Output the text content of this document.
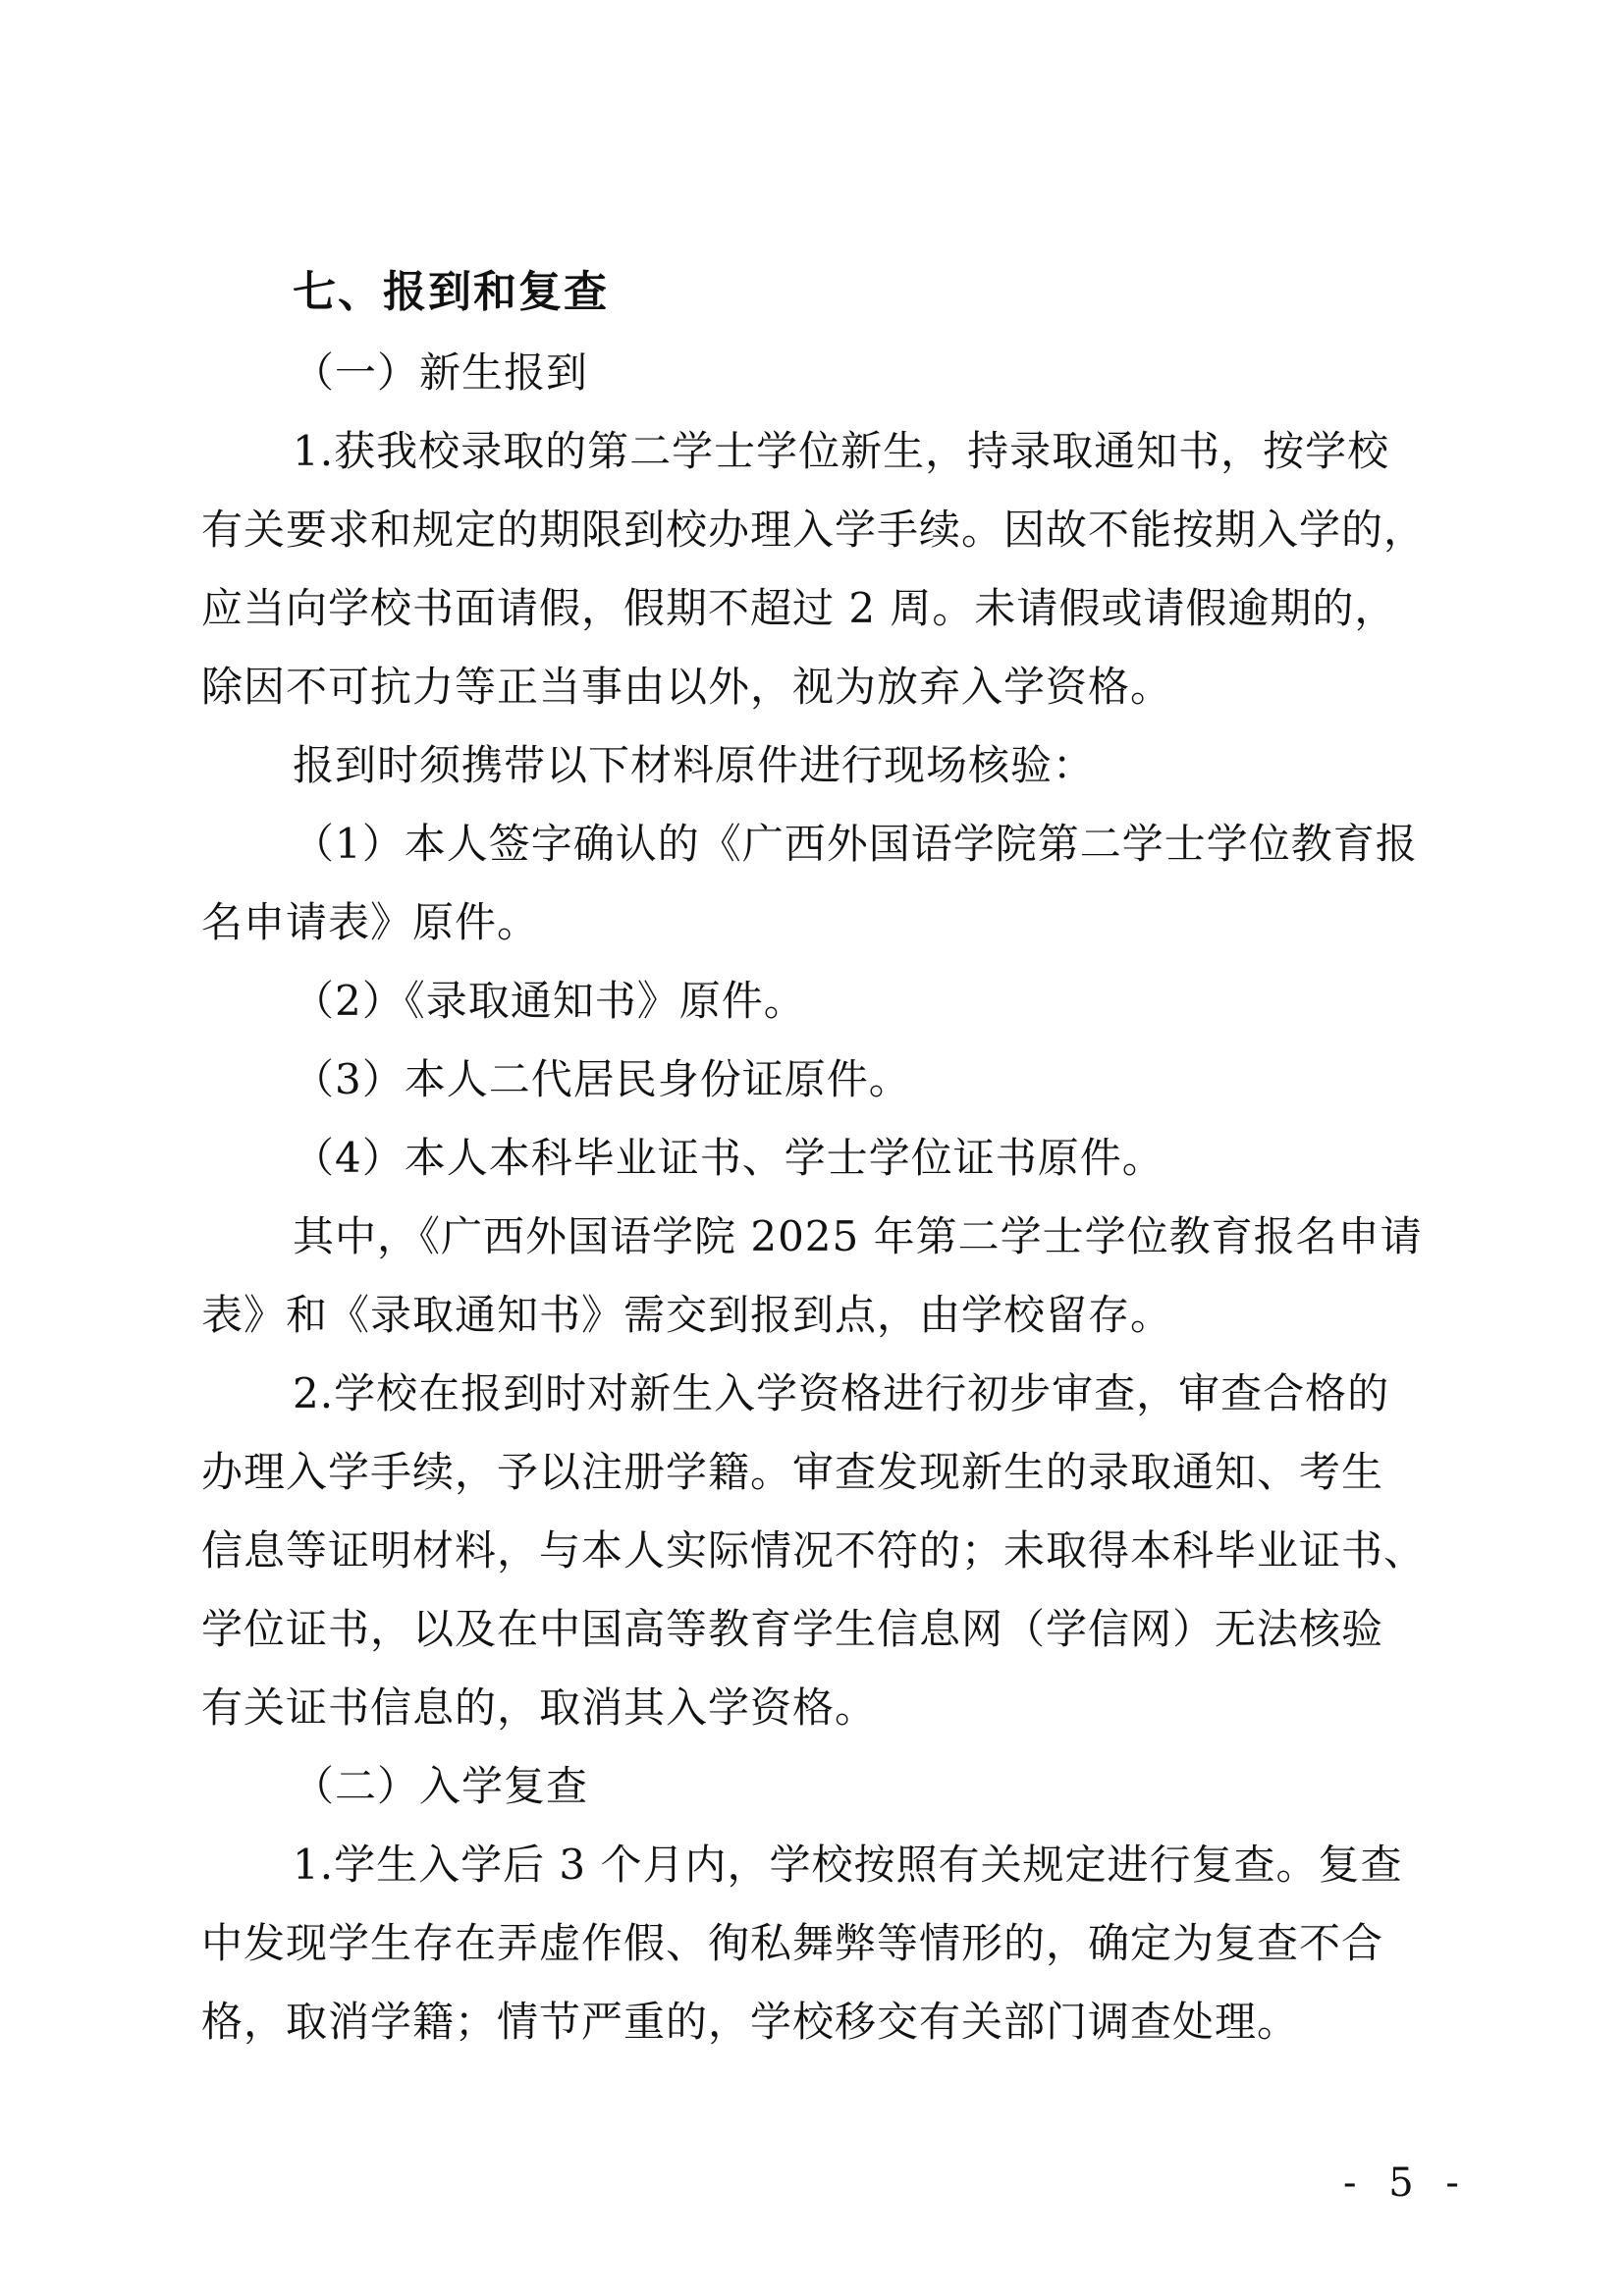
七、报到和复查
（一）新生报到
1.获我校录取的第二学士学位新生，持录取通知书，按学校
有关要求和规定的期限到校办理入学手续。因故不能按期入学的，
应当向学校书面请假，假期不超过 2 周。未请假或请假逾期的，
除因不可抗力等正当事由以外，视为放弃入学资格。
报到时须携带以下材料原件进行现场核验：
（1）本人签字确认的《广西外国语学院第二学士学位教育报
名申请表》原件。
（2）《录取通知书》原件。
（3）本人二代居民身份证原件。
（4）本人本科毕业证书、学士学位证书原件。
其中，《广西外国语学院 2025 年第二学士学位教育报名申请
表》和《录取通知书》需交到报到点，由学校留存。
2.学校在报到时对新生入学资格进行初步审查，审查合格的
办理入学手续，予以注册学籍。审查发现新生的录取通知、考生
信息等证明材料，与本人实际情况不符的；未取得本科毕业证书、
学位证书，以及在中国高等教育学生信息网（学信网）无法核验
有关证书信息的，取消其入学资格。
（二）入学复查
1.学生入学后 3 个月内，学校按照有关规定进行复查。复查
中发现学生存在弄虚作假、徇私舞弊等情形的，确定为复查不合
格，取消学籍；情节严重的，学校移交有关部门调查处理。
- 5 -
